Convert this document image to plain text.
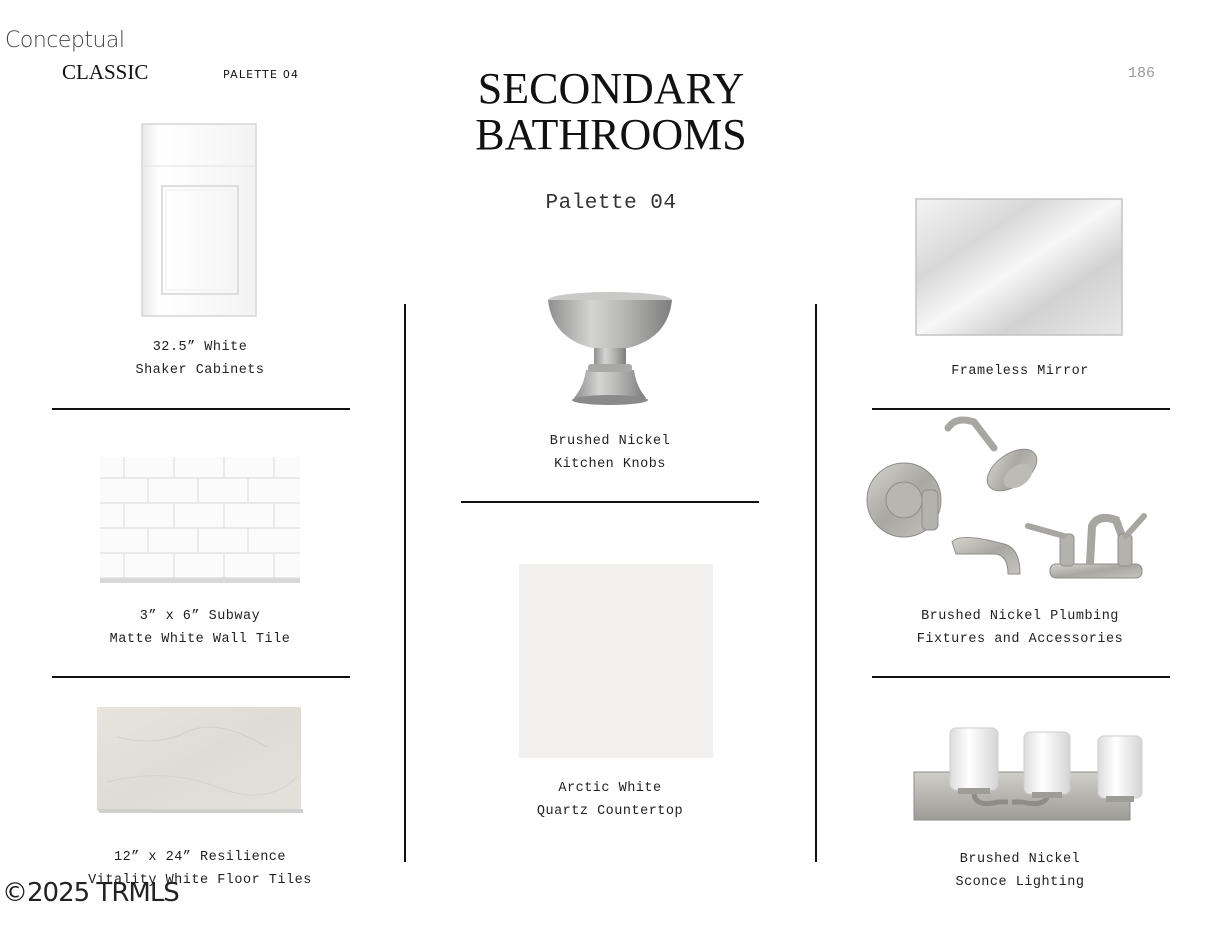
Conceptual
CLASSIC	PALETTE 04	186
SECONDARY
BATHROOMS
Palette 04
32.5” White
Shaker Cabinets
3” x 6” Subway
Matte White Wall Tile
12” x 24” Resilience
Vitality White Floor Tiles
Brushed Nickel
Kitchen Knobs
Arctic White
Quartz Countertop
Frameless Mirror
Brushed Nickel Plumbing
Fixtures and Accessories
Brushed Nickel
Sconce Lighting
©2025 TRMLS
